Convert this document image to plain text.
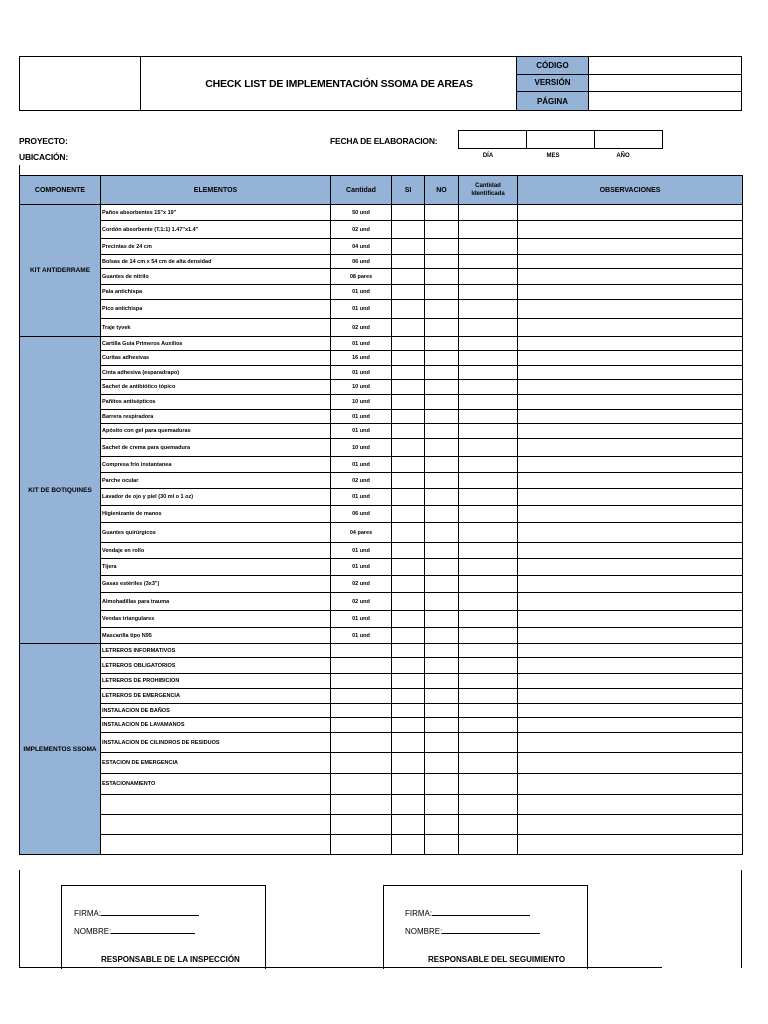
CHECK LIST DE IMPLEMENTACIÓN SSOMA DE AREAS
CÓDIGO
VERSIÓN
PÁGINA
PROYECTO:
UBICACIÓN:
FECHA DE ELABORACION:
DÍA	MES	AÑO
COMPONENTE	ELEMENTOS	Cantidad	SI	NO	Cantidad Identificada	OBSERVACIONES
KIT ANTIDERRAME	Paños absorbentes 15"x 19"	50 und				
	Cordón absorbente (T.1:1) 1.47"x1.4"	02 und				
	Precintas de 24 cm	04 und				
	Bolsas de 14 cm x 54 cm de alta densidad	06 und				
	Guantes de nitrilo	08 pares				
	Pala antichispa	01 und				
	Pico antichispa	01 und				
	Traje tyvek	02 und				
KIT DE BOTIQUINES	Cartilla Guía Primeros Auxilios	01 und				
	Curitas adhesivas	16 und				
	Cinta adhesiva (esparadrapo)	01 und				
	Sachet de antibiótico tópico	10 und				
	Pañitos antisépticos	10 und				
	Barrera respiradora	01 und				
	Apósito con gel para quemaduras	01 und				
	Sachet de crema para quemadura	10 und				
	Compresa frío instantanea	01 und				
	Parche ocular	02 und				
	Lavador de ojo y piel (30 ml o 1 oz)	01 und				
	Higienizante de manos	06 und				
	Guantes quirúrgicos	04 pares				
	Vendaje en rollo	01 und				
	Tijera	01 und				
	Gasas estériles (3x3")	02 und				
	Almohadillas para trauma	02 und				
	Vendas triangulares	01 und				
	Mascarilla tipo N95	01 und				
IMPLEMENTOS SSOMA	LETREROS INFORMATIVOS					
	LETREROS OBLIGATORIOS					
	LETREROS DE PROHIBICION					
	LETREROS DE EMERGENCIA					
	INSTALACION DE BAÑOS					
	INSTALACION DE LAVAMANOS					
	INSTALACION DE CILINDROS DE RESIDUOS					
	ESTACION DE EMERGENCIA					
	ESTACIONAMIENTO					

FIRMA:
NOMBRE:
RESPONSABLE DE LA INSPECCIÓN
FIRMA:
NOMBRE:
RESPONSABLE DEL SEGUIMIENTO
